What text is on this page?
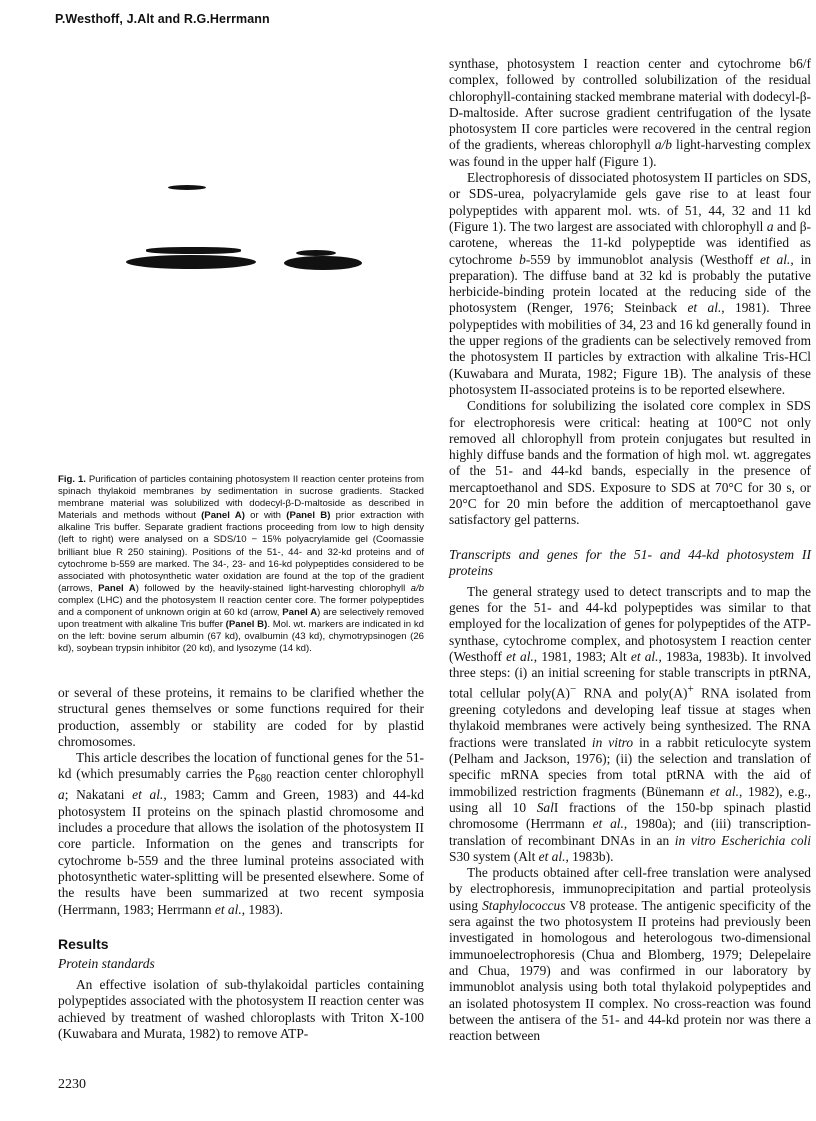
P.Westhoff, J.Alt and R.G.Herrmann
Fig. 1. Purification of particles containing photosystem II reaction center proteins from spinach thylakoid membranes by sedimentation in sucrose gradients. Stacked membrane material was solubilized with dodecyl-β-D-maltoside as described in Materials and methods without (Panel A) or with (Panel B) prior extraction with alkaline Tris buffer. Separate gradient fractions proceeding from low to high density (left to right) were analysed on a SDS/10 − 15% polyacrylamide gel (Coomassie brilliant blue R 250 staining). Positions of the 51-, 44- and 32-kd proteins and of cytochrome b-559 are marked. The 34-, 23- and 16-kd polypeptides considered to be associated with photosynthetic water oxidation are found at the top of the gradient (arrows, Panel A) followed by the heavily-stained light-harvesting chlorophyll a/b complex (LHC) and the photosystem II reaction center core. The former polypeptides and a component of unknown origin at 60 kd (arrow, Panel A) are selectively removed upon treatment with alkaline Tris buffer (Panel B). Mol. wt. markers are indicated in kd on the left: bovine serum albumin (67 kd), ovalbumin (43 kd), chymotrypsinogen (26 kd), soybean trypsin inhibitor (20 kd), and lysozyme (14 kd).

or several of these proteins, it remains to be clarified whether the structural genes themselves or some functions required for their production, assembly or stability are coded for by plastid chromosomes.

This article describes the location of functional genes for the 51-kd (which presumably carries the $P_{680}$ reaction center chlorophyll a; Nakatani et al., 1983; Camm and Green, 1983) and 44-kd photosystem II proteins on the spinach plastid chromosome and includes a procedure that allows the isolation of the photosystem II core particle. Information on the genes and transcripts for cytochrome b-559 and the three luminal proteins associated with photosynthetic water-splitting will be presented elsewhere. Some of the results have been summarized at two recent symposia (Herrmann, 1983; Herrmann et al., 1983).

Results
Protein standards

An effective isolation of sub-thylakoidal particles containing polypeptides associated with the photosystem II reaction center was achieved by treatment of washed chloroplasts with Triton X-100 (Kuwabara and Murata, 1982) to remove ATP-

synthase, photosystem I reaction center and cytochrome b6/f complex, followed by controlled solubilization of the residual chlorophyll-containing stacked membrane material with dodecyl-β-D-maltoside. After sucrose gradient centrifugation of the lysate photosystem II core particles were recovered in the central region of the gradients, whereas chlorophyll a/b light-harvesting complex was found in the upper half (Figure 1).

Electrophoresis of dissociated photosystem II particles on SDS, or SDS-urea, polyacrylamide gels gave rise to at least four polypeptides with apparent mol. wts. of 51, 44, 32 and 11 kd (Figure 1). The two largest are associated with chlorophyll a and β-carotene, whereas the 11-kd polypeptide was identified as cytochrome b-559 by immunoblot analysis (Westhoff et al., in preparation). The diffuse band at 32 kd is probably the putative herbicide-binding protein located at the reducing side of the photosystem (Renger, 1976; Steinback et al., 1981). Three polypeptides with mobilities of 34, 23 and 16 kd generally found in the upper regions of the gradients can be selectively removed from the photosystem II particles by extraction with alkaline Tris-HCl (Kuwabara and Murata, 1982; Figure 1B). The analysis of these photosystem II-associated proteins is to be reported elsewhere.

Conditions for solubilizing the isolated core complex in SDS for electrophoresis were critical: heating at 100°C not only removed all chlorophyll from protein conjugates but resulted in highly diffuse bands and the formation of high mol. wt. aggregates of the 51- and 44-kd bands, especially in the presence of mercaptoethanol and SDS. Exposure to SDS at 70°C for 30 s, or 20°C for 20 min before the addition of mercaptoethanol gave satisfactory gel patterns.

Transcripts and genes for the 51- and 44-kd photosystem II proteins

The general strategy used to detect transcripts and to map the genes for the 51- and 44-kd polypeptides was similar to that employed for the localization of genes for polypeptides of the ATP-synthase, cytochrome complex, and photosystem I reaction center (Westhoff et al., 1981, 1983; Alt et al., 1983a, 1983b). It involved three steps: (i) an initial screening for stable transcripts in ptRNA, total cellular poly(A)− RNA and poly(A)+ RNA isolated from greening cotyledons and developing leaf tissue at stages when thylakoid membranes were actively being synthesized. The RNA fractions were translated in vitro in a rabbit reticulocyte system (Pelham and Jackson, 1976); (ii) the selection and translation of specific mRNA species from total ptRNA with the aid of immobilized restriction fragments (Bünemann et al., 1982), e.g., using all 10 SalI fractions of the 150-bp spinach plastid chromosome (Herrmann et al., 1980a); and (iii) transcription-translation of recombinant DNAs in an in vitro Escherichia coli S30 system (Alt et al., 1983b).

The products obtained after cell-free translation were analysed by electrophoresis, immunoprecipitation and partial proteolysis using Staphylococcus V8 protease. The antigenic specificity of the sera against the two photosystem II proteins had previously been investigated in homologous and heterologous two-dimensional immunoelectrophoresis (Chua and Blomberg, 1979; Delepelaire and Chua, 1979) and was confirmed in our laboratory by immunoblot analysis using both total thylakoid polypeptides and an isolated photosystem II complex. No cross-reaction was found between the antisera of the 51- and 44-kd protein nor was there a reaction between

2230
